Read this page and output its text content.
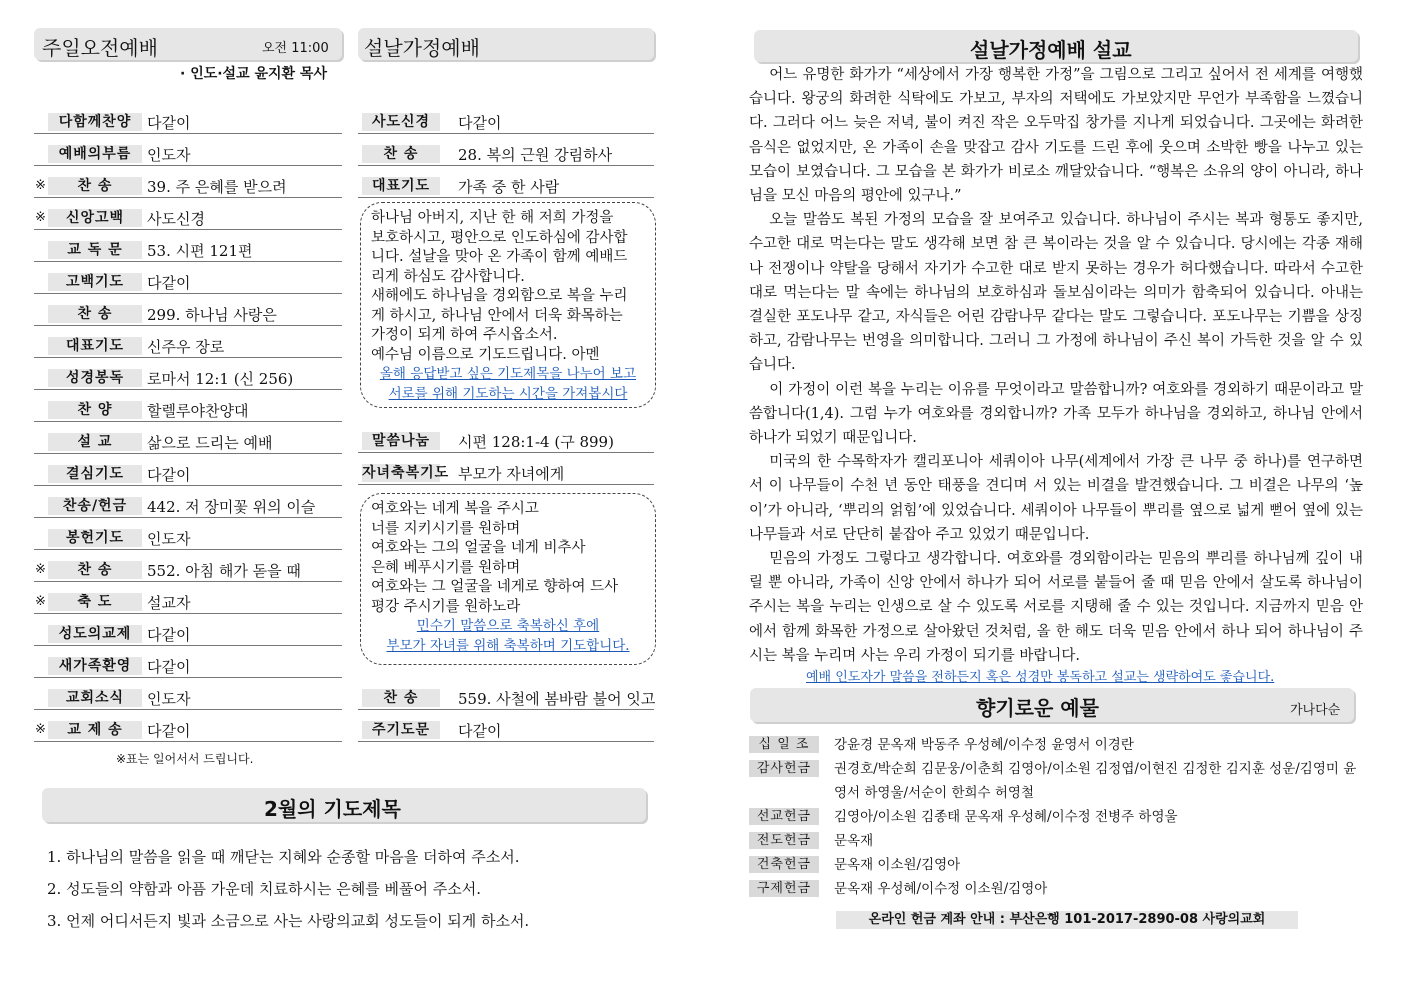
주일오전예배	오전 11:00
· 인도·설교 윤지환 목사
다함께찬양	다같이
예배의부름	인도자
※	찬 송	39. 주 은혜를 받으려
※	신앙고백	사도신경
교 독 문	53. 시편 121편
고백기도	다같이
찬 송	299. 하나님 사랑은
대표기도	신주우 장로
성경봉독	로마서 12:1 (신 256)
찬 양	할렐루야찬양대
설 교	삶으로 드리는 예배
결심기도	다같이
찬송/헌금	442. 저 장미꽃 위의 이슬
봉헌기도	인도자
※	찬 송	552. 아침 해가 돋을 때
※	축 도	설교자
성도의교제	다같이
새가족환영	다같이
교회소식	인도자
※	교 제 송	다같이
※표는 일어서서 드립니다.
설날가정예배
사도신경	다같이
찬 송	28. 복의 근원 강림하사
대표기도	가족 중 한 사람
하나님 아버지, 지난 한 해 저희 가정을
보호하시고, 평안으로 인도하심에 감사합
니다. 설날을 맞아 온 가족이 함께 예배드
리게 하심도 감사합니다.
새해에도 하나님을 경외함으로 복을 누리
게 하시고, 하나님 안에서 더욱 화목하는
가정이 되게 하여 주시옵소서.
예수님 이름으로 기도드립니다. 아멘
올해 응답받고 싶은 기도제목을 나누어 보고
서로를 위해 기도하는 시간을 가져봅시다
말씀나눔	시편 128:1-4 (구 899)
자녀축복기도 부모가 자녀에게
여호와는 네게 복을 주시고
너를 지키시기를 원하며
여호와는 그의 얼굴을 네게 비추사
은혜 베푸시기를 원하며
여호와는 그 얼굴을 네게로 향하여 드사
평강 주시기를 원하노라
민수기 말씀으로 축복하신 후에
부모가 자녀를 위해 축복하며 기도합니다.
찬 송	559. 사철에 봄바람 불어 잇고
주기도문	다같이
2월의 기도제목
1. 하나님의 말씀을 읽을 때 깨닫는 지혜와 순종할 마음을 더하여 주소서.
2. 성도들의 약함과 아픔 가운데 치료하시는 은혜를 베풀어 주소서.
3. 언제 어디서든지 빛과 소금으로 사는 사랑의교회 성도들이 되게 하소서.
설날가정예배 설교

어느 유명한 화가가 “세상에서 가장 행복한 가정”을 그림으로 그리고 싶어서 전 세계를 여행했습니다. 왕궁의 화려한 식탁에도 가보고, 부자의 저택에도 가보았지만 무언가 부족함을 느꼈습니다. 그러다 어느 늦은 저녁, 불이 켜진 작은 오두막집 창가를 지나게 되었습니다. 그곳에는 화려한 음식은 없었지만, 온 가족이 손을 맞잡고 감사 기도를 드린 후에 웃으며 소박한 빵을 나누고 있는 모습이 보였습니다. 그 모습을 본 화가가 비로소 깨달았습니다. “행복은 소유의 양이 아니라, 하나님을 모신 마음의 평안에 있구나.”

오늘 말씀도 복된 가정의 모습을 잘 보여주고 있습니다. 하나님이 주시는 복과 형통도 좋지만, 수고한 대로 먹는다는 말도 생각해 보면 참 큰 복이라는 것을 알 수 있습니다. 당시에는 각종 재해나 전쟁이나 약탈을 당해서 자기가 수고한 대로 받지 못하는 경우가 허다했습니다. 따라서 수고한 대로 먹는다는 말 속에는 하나님의 보호하심과 돌보심이라는 의미가 함축되어 있습니다. 아내는 결실한 포도나무 같고, 자식들은 어린 감람나무 같다는 말도 그렇습니다. 포도나무는 기쁨을 상징하고, 감람나무는 번영을 의미합니다. 그러니 그 가정에 하나님이 주신 복이 가득한 것을 알 수 있습니다.

이 가정이 이런 복을 누리는 이유를 무엇이라고 말씀합니까? 여호와를 경외하기 때문이라고 말씀합니다(1,4). 그럼 누가 여호와를 경외합니까? 가족 모두가 하나님을 경외하고, 하나님 안에서 하나가 되었기 때문입니다.

미국의 한 수목학자가 캘리포니아 세쿼이아 나무(세계에서 가장 큰 나무 중 하나)를 연구하면서 이 나무들이 수천 년 동안 태풍을 견디며 서 있는 비결을 발견했습니다. 그 비결은 나무의 ‘높이’가 아니라, ‘뿌리의 얽힘’에 있었습니다. 세쿼이아 나무들이 뿌리를 옆으로 넓게 뻗어 옆에 있는 나무들과 서로 단단히 붙잡아 주고 있었기 때문입니다.

믿음의 가정도 그렇다고 생각합니다. 여호와를 경외함이라는 믿음의 뿌리를 하나님께 깊이 내릴 뿐 아니라, 가족이 신앙 안에서 하나가 되어 서로를 붙들어 줄 때 믿음 안에서 살도록 하나님이 주시는 복을 누리는 인생으로 살 수 있도록 서로를 지탱해 줄 수 있는 것입니다. 지금까지 믿음 안에서 함께 화목한 가정으로 살아왔던 것처럼, 올 한 해도 더욱 믿음 안에서 하나 되어 하나님이 주시는 복을 누리며 사는 우리 가정이 되기를 바랍니다.

예배 인도자가 말씀을 전하든지 혹은 성경만 봉독하고 설교는 생략하여도 좋습니다.
향기로운 예물	가나다순
십 일 조	강윤경 문옥재 박동주 우성혜/이수정 윤영서 이경란
감사헌금	권경호/박순희 김문웅/이춘희 김영아/이소원 김정엽/이현진 김정한 김지훈 성운/김영미 윤영서 하영울/서순이 한희수 허영철
선교헌금	김영아/이소원 김종태 문옥재 우성혜/이수정 전병주 하영울
전도헌금	문옥재
건축헌금	문옥재 이소원/김영아
구제헌금	문옥재 우성혜/이수정 이소원/김영아
온라인 헌금 계좌 안내 : 부산은행 101-2017-2890-08 사랑의교회
